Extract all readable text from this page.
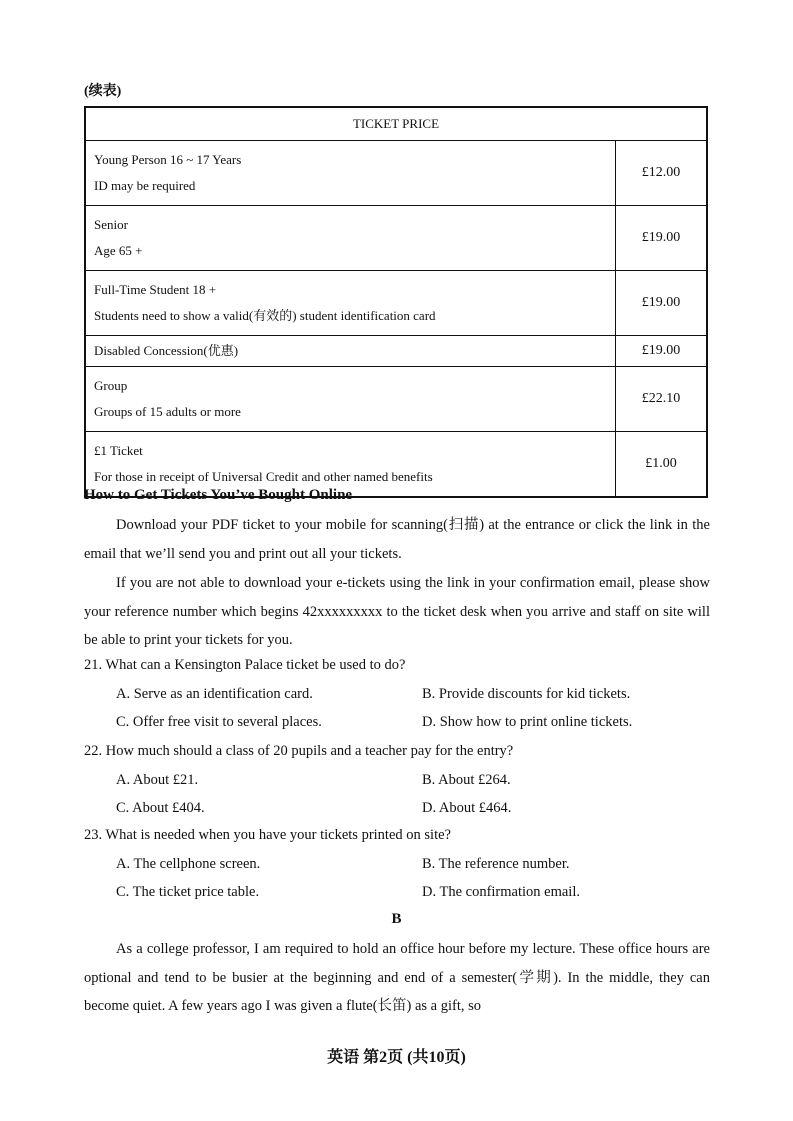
(续表)
TICKET PRICE	

Young Person 16 ~ 17 Years
ID may be required	£12.00

Senior
Age 65 +	£19.00

Full-Time Student 18 +
Students need to show a valid(有效的) student identification card	£19.00

Disabled Concession(优惠)	£19.00

Group
Groups of 15 adults or more	£22.10

£1 Ticket
For those in receipt of Universal Credit and other named benefits	£1.00
How to Get Tickets You’ve Bought Online
Download your PDF ticket to your mobile for scanning(扫描) at the entrance or click the link in the email that we’ll send you and print out all your tickets.
If you are not able to download your e-tickets using the link in your confirmation email, please show your reference number which begins 42xxxxxxxxx to the ticket desk when you arrive and staff on site will be able to print your tickets for you.
21. What can a Kensington Palace ticket be used to do?
A. Serve as an identification card.	B. Provide discounts for kid tickets.
C. Offer free visit to several places.	D. Show how to print online tickets.
22. How much should a class of 20 pupils and a teacher pay for the entry?
A. About £21.	B. About £264.
C. About £404.	D. About £464.
23. What is needed when you have your tickets printed on site?
A. The cellphone screen.	B. The reference number.
C. The ticket price table.	D. The confirmation email.
B
As a college professor, I am required to hold an office hour before my lecture. These office hours are optional and tend to be busier at the beginning and end of a semester(学期). In the middle, they can become quiet. A few years ago I was given a flute(长笛) as a gift, so
英语 第2页 (共10页)
